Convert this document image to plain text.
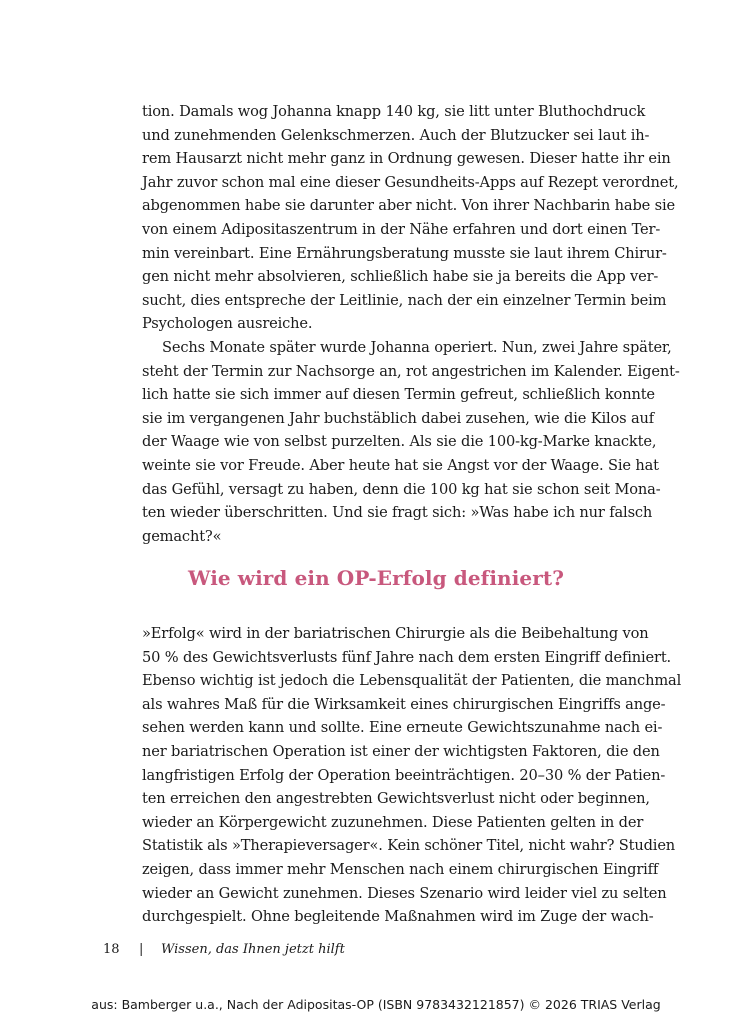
tion. Damals wog Johanna knapp 140 kg, sie litt unter Bluthochdruck
und zunehmenden Gelenkschmerzen. Auch der Blutzucker sei laut ih-
rem Hausarzt nicht mehr ganz in Ordnung gewesen. Dieser hatte ihr ein
Jahr zuvor schon mal eine dieser Gesundheits-Apps auf Rezept verordnet,
abgenommen habe sie darunter aber nicht. Von ihrer Nachbarin habe sie
von einem Adipositaszentrum in der Nähe erfahren und dort einen Ter-
min vereinbart. Eine Ernährungsberatung musste sie laut ihrem Chirur-
gen nicht mehr absolvieren, schließlich habe sie ja bereits die App ver-
sucht, dies entspreche der Leitlinie, nach der ein einzelner Termin beim
Psychologen ausreiche.
Sechs Monate später wurde Johanna operiert. Nun, zwei Jahre später,
steht der Termin zur Nachsorge an, rot angestrichen im Kalender. Eigent-
lich hatte sie sich immer auf diesen Termin gefreut, schließlich konnte
sie im vergangenen Jahr buchstäblich dabei zusehen, wie die Kilos auf
der Waage wie von selbst purzelten. Als sie die 100-kg-Marke knackte,
weinte sie vor Freude. Aber heute hat sie Angst vor der Waage. Sie hat
das Gefühl, versagt zu haben, denn die 100 kg hat sie schon seit Mona-
ten wieder überschritten. Und sie fragt sich: »Was habe ich nur falsch
gemacht?«
Wie wird ein OP-Erfolg definiert?
»Erfolg« wird in der bariatrischen Chirurgie als die Beibehaltung von
50 % des Gewichtsverlusts fünf Jahre nach dem ersten Eingriff definiert.
Ebenso wichtig ist jedoch die Lebensqualität der Patienten, die manchmal
als wahres Maß für die Wirksamkeit eines chirurgischen Eingriffs ange-
sehen werden kann und sollte. Eine erneute Gewichtszunahme nach ei-
ner bariatrischen Operation ist einer der wichtigsten Faktoren, die den
langfristigen Erfolg der Operation beeinträchtigen. 20–30 % der Patien-
ten erreichen den angestrebten Gewichtsverlust nicht oder beginnen,
wieder an Körpergewicht zuzunehmen. Diese Patienten gelten in der
Statistik als »Therapieversager«. Kein schöner Titel, nicht wahr? Studien
zeigen, dass immer mehr Menschen nach einem chirurgischen Eingriff
wieder an Gewicht zunehmen. Dieses Szenario wird leider viel zu selten
durchgespielt. Ohne begleitende Maßnahmen wird im Zuge der wach-
18 | Wissen, das Ihnen jetzt hilft
aus: Bamberger u.a., Nach der Adipositas-OP (ISBN 9783432121857) © 2026 TRIAS Verlag
